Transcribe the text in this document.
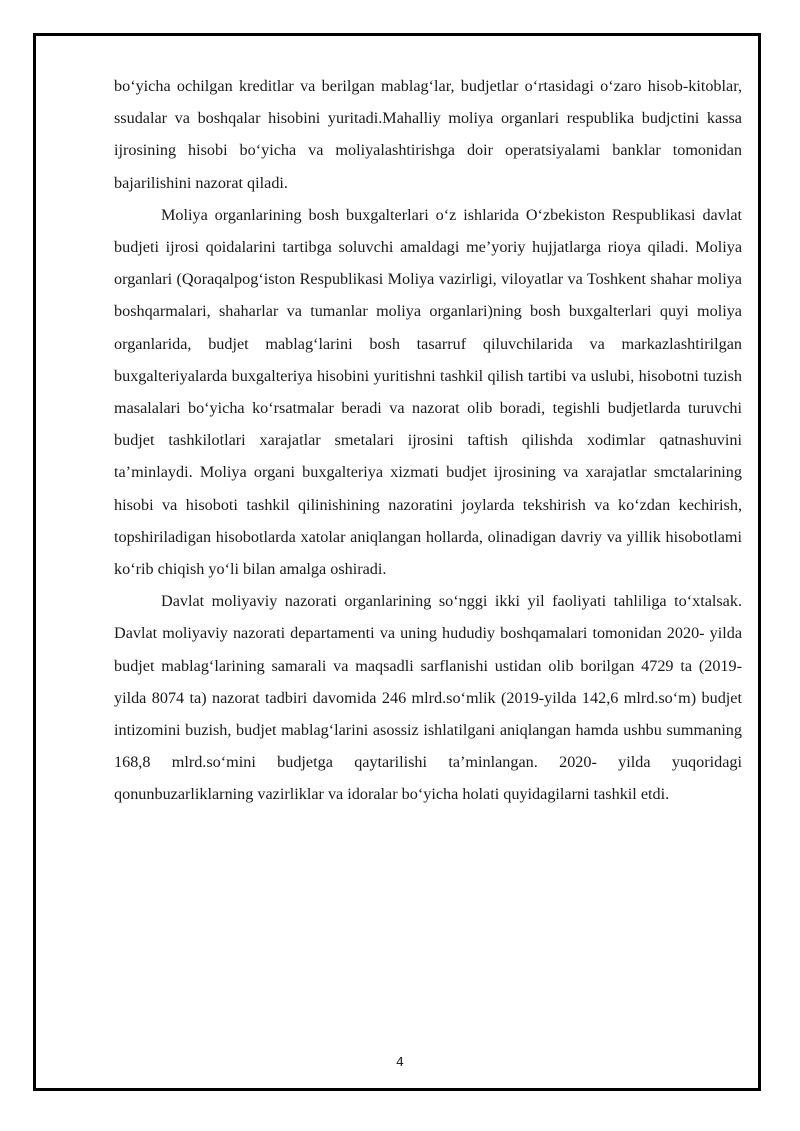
bo‘yicha ochilgan kreditlar va berilgan mablag‘lar, budjetlar o‘rtasidagi o‘zaro hisob-kitoblar, ssudalar va boshqalar hisobini yuritadi.Mahalliy moliya organlari respublika budjctini kassa ijrosining hisobi bo‘yicha va moliyalashtirishga doir operatsiyalami banklar tomonidan bajarilishini nazorat qiladi.

Moliya organlarining bosh buxgalterlari o‘z ishlarida O‘zbekiston Respublikasi davlat budjeti ijrosi qoidalarini tartibga soluvchi amaldagi me’yoriy hujjatlarga rioya qiladi. Moliya organlari (Qoraqalpog‘iston Respublikasi Moliya vazirligi, viloyatlar va Toshkent shahar moliya boshqarmalari, shaharlar va tumanlar moliya organlari)ning bosh buxgalterlari quyi moliya organlarida, budjet mablag‘larini bosh tasarruf qiluvchilarida va markazlashtirilgan buxgalteriyalarda buxgalteriya hisobini yuritishni tashkil qilish tartibi va uslubi, hisobotni tuzish masalalari bo‘yicha ko‘rsatmalar beradi va nazorat olib boradi, tegishli budjetlarda turuvchi budjet tashkilotlari xarajatlar smetalari ijrosini taftish qilishda xodimlar qatnashuvini ta’minlaydi. Moliya organi buxgalteriya xizmati budjet ijrosining va xarajatlar smctalarining hisobi va hisoboti tashkil qilinishining nazoratini joylarda tekshirish va ko‘zdan kechirish, topshiriladigan hisobotlarda xatolar aniqlangan hollarda, olinadigan davriy va yillik hisobotlami ko‘rib chiqish yo‘li bilan amalga oshiradi.

Davlat moliyaviy nazorati organlarining so‘nggi ikki yil faoliyati tahliliga to‘xtalsak. Davlat moliyaviy nazorati departamenti va uning hududiy boshqamalari tomonidan 2020- yilda budjet mablag‘larining samarali va maqsadli sarflanishi ustidan olib borilgan 4729 ta (2019-yilda 8074 ta) nazorat tadbiri davomida 246 mlrd.so‘mlik (2019-yilda 142,6 mlrd.so‘m) budjet intizomini buzish, budjet mablag‘larini asossiz ishlatilgani aniqlangan hamda ushbu summaning 168,8 mlrd.so‘mini budjetga qaytarilishi ta’minlangan. 2020- yilda yuqoridagi qonunbuzarliklarning vazirliklar va idoralar bo‘yicha holati quyidagilarni tashkil etdi.

4
